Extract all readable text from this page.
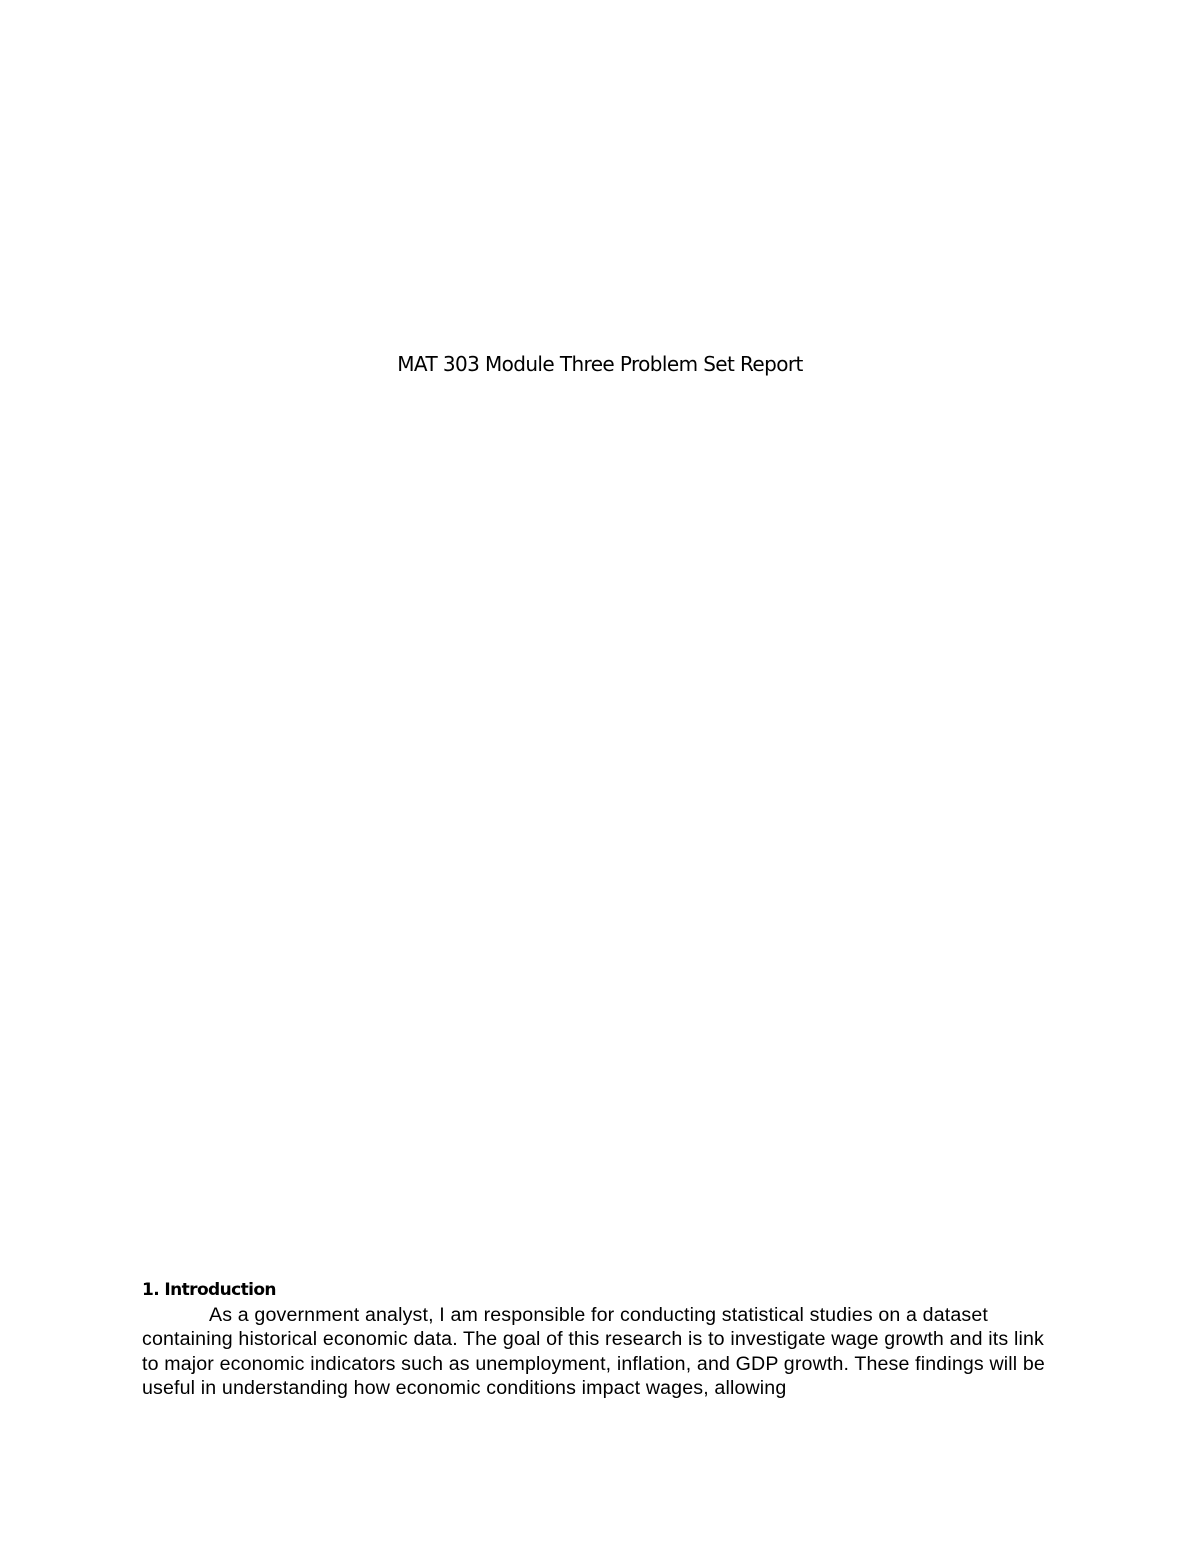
MAT 303 Module Three Problem Set Report

1. Introduction

As a government analyst, I am responsible for conducting statistical studies on a dataset containing historical economic data. The goal of this research is to investigate wage growth and its link to major economic indicators such as unemployment, inflation, and GDP growth. These findings will be useful in understanding how economic conditions impact wages, allowing
